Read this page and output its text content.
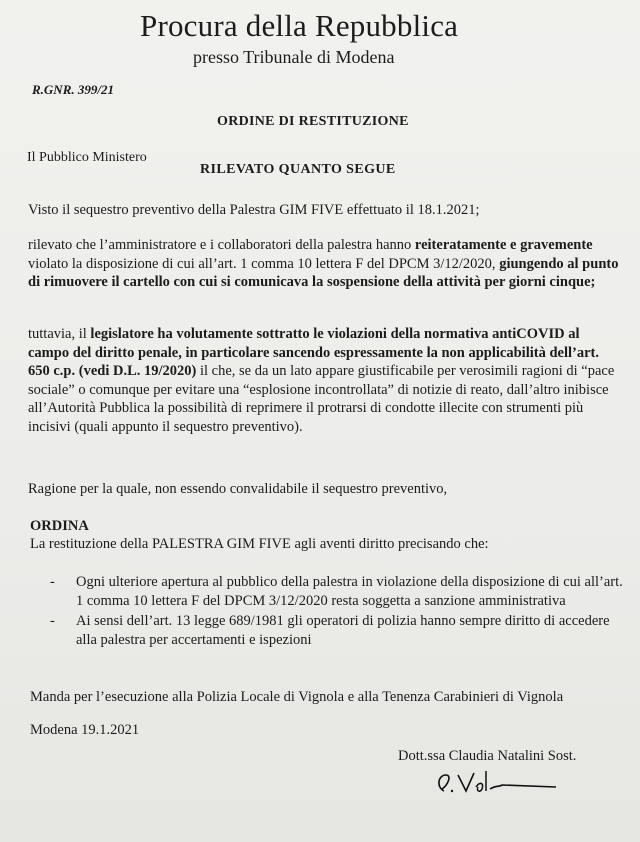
Procura della Repubblica
presso Tribunale di Modena
R.GNR. 399/21
ORDINE DI RESTITUZIONE
Il Pubblico Ministero
RILEVATO QUANTO SEGUE
Visto il sequestro preventivo della Palestra GIM FIVE effettuato il 18.1.2021;
rilevato che l’amministratore e i collaboratori della palestra hanno reiteratamente e gravemente violato la disposizione di cui all’art. 1 comma 10 lettera F del DPCM 3/12/2020, giungendo al punto di rimuovere il cartello con cui si comunicava la sospensione della attività per giorni cinque;
tuttavia, il legislatore ha volutamente sottratto le violazioni della normativa antiCOVID al campo del diritto penale, in particolare sancendo espressamente la non applicabilità dell’art. 650 c.p. (vedi D.L. 19/2020) il che, se da un lato appare giustificabile per verosimili ragioni di “pace sociale” o comunque per evitare una “esplosione incontrollata” di notizie di reato, dall’altro inibisce all’Autorità Pubblica la possibilità di reprimere il protrarsi di condotte illecite con strumenti più incisivi (quali appunto il sequestro preventivo).
Ragione per la quale, non essendo convalidabile il sequestro preventivo,
ORDINA
La restituzione della PALESTRA GIM FIVE agli aventi diritto precisando che:
- Ogni ulteriore apertura al pubblico della palestra in violazione della disposizione di cui all’art. 1 comma 10 lettera F del DPCM 3/12/2020 resta soggetta a sanzione amministrativa
- Ai sensi dell’art. 13 legge 689/1981 gli operatori di polizia hanno sempre diritto di accedere alla palestra per accertamenti e ispezioni
Manda per l’esecuzione alla Polizia Locale di Vignola e alla Tenenza Carabinieri di Vignola
Modena 19.1.2021
Dott.ssa Claudia Natalini Sost.
